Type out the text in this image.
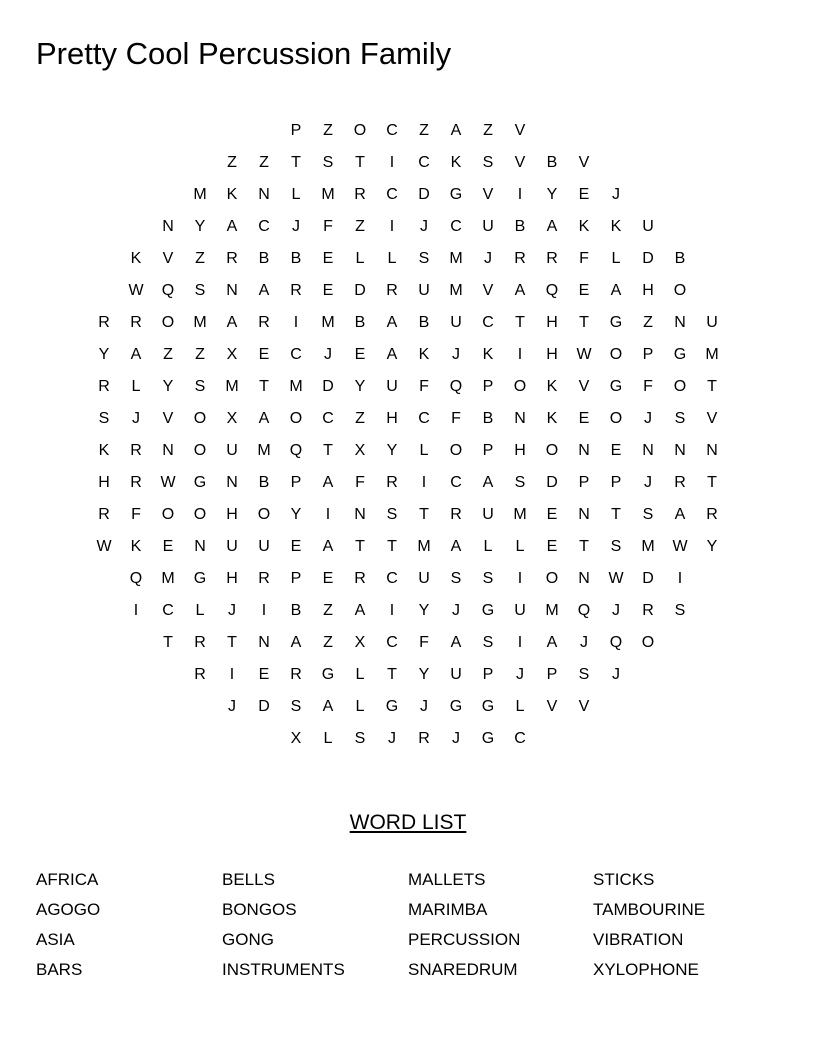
Pretty Cool Percussion Family
P	Z	O	C	Z	A	Z	V
Z	Z	T	S	T	I	C	K	S	V	B	V
M	K	N	L	M	R	C	D	G	V	I	Y	E	J
N	Y	A	C	J	F	Z	I	J	C	U	B	A	K	K	U
K	V	Z	R	B	B	E	L	L	S	M	J	R	R	F	L	D	B
W	Q	S	N	A	R	E	D	R	U	M	V	A	Q	E	A	H	O
R	R	O	M	A	R	I	M	B	A	B	U	C	T	H	T	G	Z	N	U
Y	A	Z	Z	X	E	C	J	E	A	K	J	K	I	H	W	O	P	G	M
R	L	Y	S	M	T	M	D	Y	U	F	Q	P	O	K	V	G	F	O	T
S	J	V	O	X	A	O	C	Z	H	C	F	B	N	K	E	O	J	S	V
K	R	N	O	U	M	Q	T	X	Y	L	O	P	H	O	N	E	N	N	N
H	R	W	G	N	B	P	A	F	R	I	C	A	S	D	P	P	J	R	T
R	F	O	O	H	O	Y	I	N	S	T	R	U	M	E	N	T	S	A	R
W	K	E	N	U	U	E	A	T	T	M	A	L	L	E	T	S	M	W	Y
Q	M	G	H	R	P	E	R	C	U	S	S	I	O	N	W	D	I
I	C	L	J	I	B	Z	A	I	Y	J	G	U	M	Q	J	R	S
T	R	T	N	A	Z	X	C	F	A	S	I	A	J	Q	O
R	I	E	R	G	L	T	Y	U	P	J	P	S	J
J	D	S	A	L	G	J	G	G	L	V	V
X	L	S	J	R	J	G	C
WORD LIST
AFRICA
AGOGO
ASIA
BARS
BELLS
BONGOS
GONG
INSTRUMENTS
MALLETS
MARIMBA
PERCUSSION
SNAREDRUM
STICKS
TAMBOURINE
VIBRATION
XYLOPHONE
